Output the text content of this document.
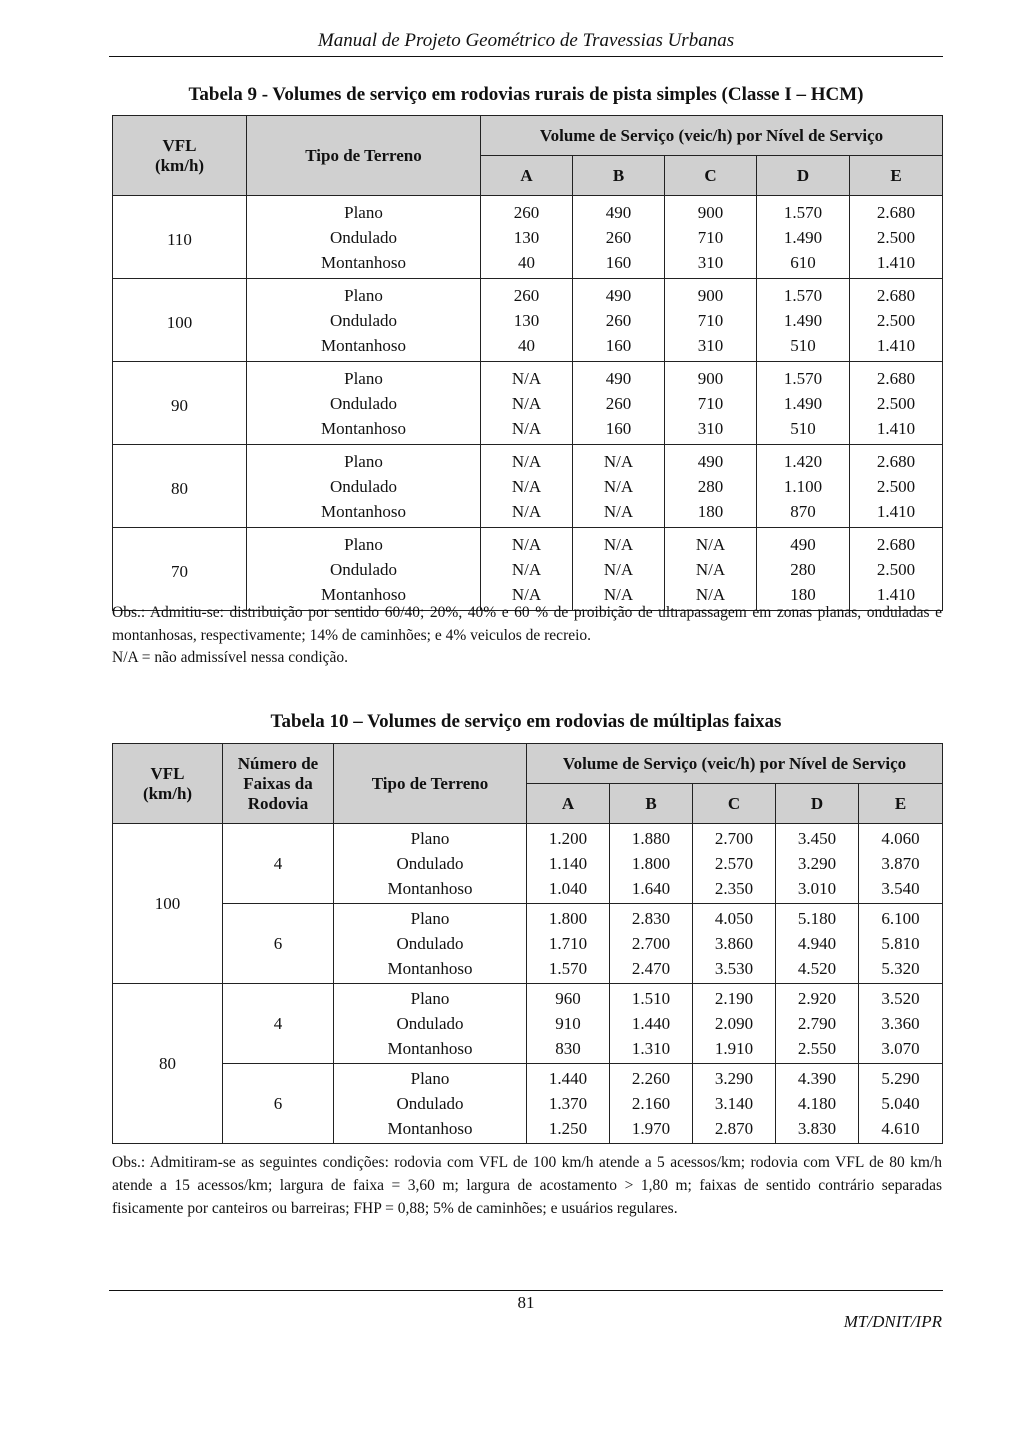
Manual de Projeto Geométrico de Travessias Urbanas
Tabela 9 - Volumes de serviço em rodovias rurais de pista simples (Classe I – HCM)
VFL
(km/h)	Tipo de Terreno	Volume de Serviço (veic/h) por Nível de Serviço				
		A	B	C	D	E
110	Plano	260	490	900	1.570	2.680
	Ondulado	130	260	710	1.490	2.500
	Montanhoso	40	160	310	610	1.410
100	Plano	260	490	900	1.570	2.680
	Ondulado	130	260	710	1.490	2.500
	Montanhoso	40	160	310	510	1.410
90	Plano	N/A	490	900	1.570	2.680
	Ondulado	N/A	260	710	1.490	2.500
	Montanhoso	N/A	160	310	510	1.410
80	Plano	N/A	N/A	490	1.420	2.680
	Ondulado	N/A	N/A	280	1.100	2.500
	Montanhoso	N/A	N/A	180	870	1.410
70	Plano	N/A	N/A	N/A	490	2.680
	Ondulado	N/A	N/A	N/A	280	2.500
	Montanhoso	N/A	N/A	N/A	180	1.410
Obs.: Admitiu-se: distribuição por sentido 60/40; 20%, 40% e 60 % de proibição de ultrapassagem em zonas planas, onduladas e montanhosas, respectivamente; 14% de caminhões; e 4% veiculos de recreio.
N/A = não admissível nessa condição.
Tabela 10 – Volumes de serviço em rodovias de múltiplas faixas
VFL
(km/h)	Número de
Faixas da
Rodovia	Tipo de Terreno	Volume de Serviço (veic/h) por Nível de Serviço				
			A	B	C	D	E
100	4	Plano	1.200	1.880	2.700	3.450	4.060
		Ondulado	1.140	1.800	2.570	3.290	3.870
		Montanhoso	1.040	1.640	2.350	3.010	3.540
	6	Plano	1.800	2.830	4.050	5.180	6.100
		Ondulado	1.710	2.700	3.860	4.940	5.810
		Montanhoso	1.570	2.470	3.530	4.520	5.320
80	4	Plano	960	1.510	2.190	2.920	3.520
		Ondulado	910	1.440	2.090	2.790	3.360
		Montanhoso	830	1.310	1.910	2.550	3.070
	6	Plano	1.440	2.260	3.290	4.390	5.290
		Ondulado	1.370	2.160	3.140	4.180	5.040
		Montanhoso	1.250	1.970	2.870	3.830	4.610
Obs.: Admitiram-se as seguintes condições: rodovia com VFL de 100 km/h atende a 5 acessos/km; rodovia com VFL de 80 km/h atende a 15 acessos/km; largura de faixa = 3,60 m; largura de acostamento > 1,80 m; faixas de sentido contrário separadas fisicamente por canteiros ou barreiras; FHP = 0,88; 5% de caminhões; e usuários regulares.
81
MT/DNIT/IPR
